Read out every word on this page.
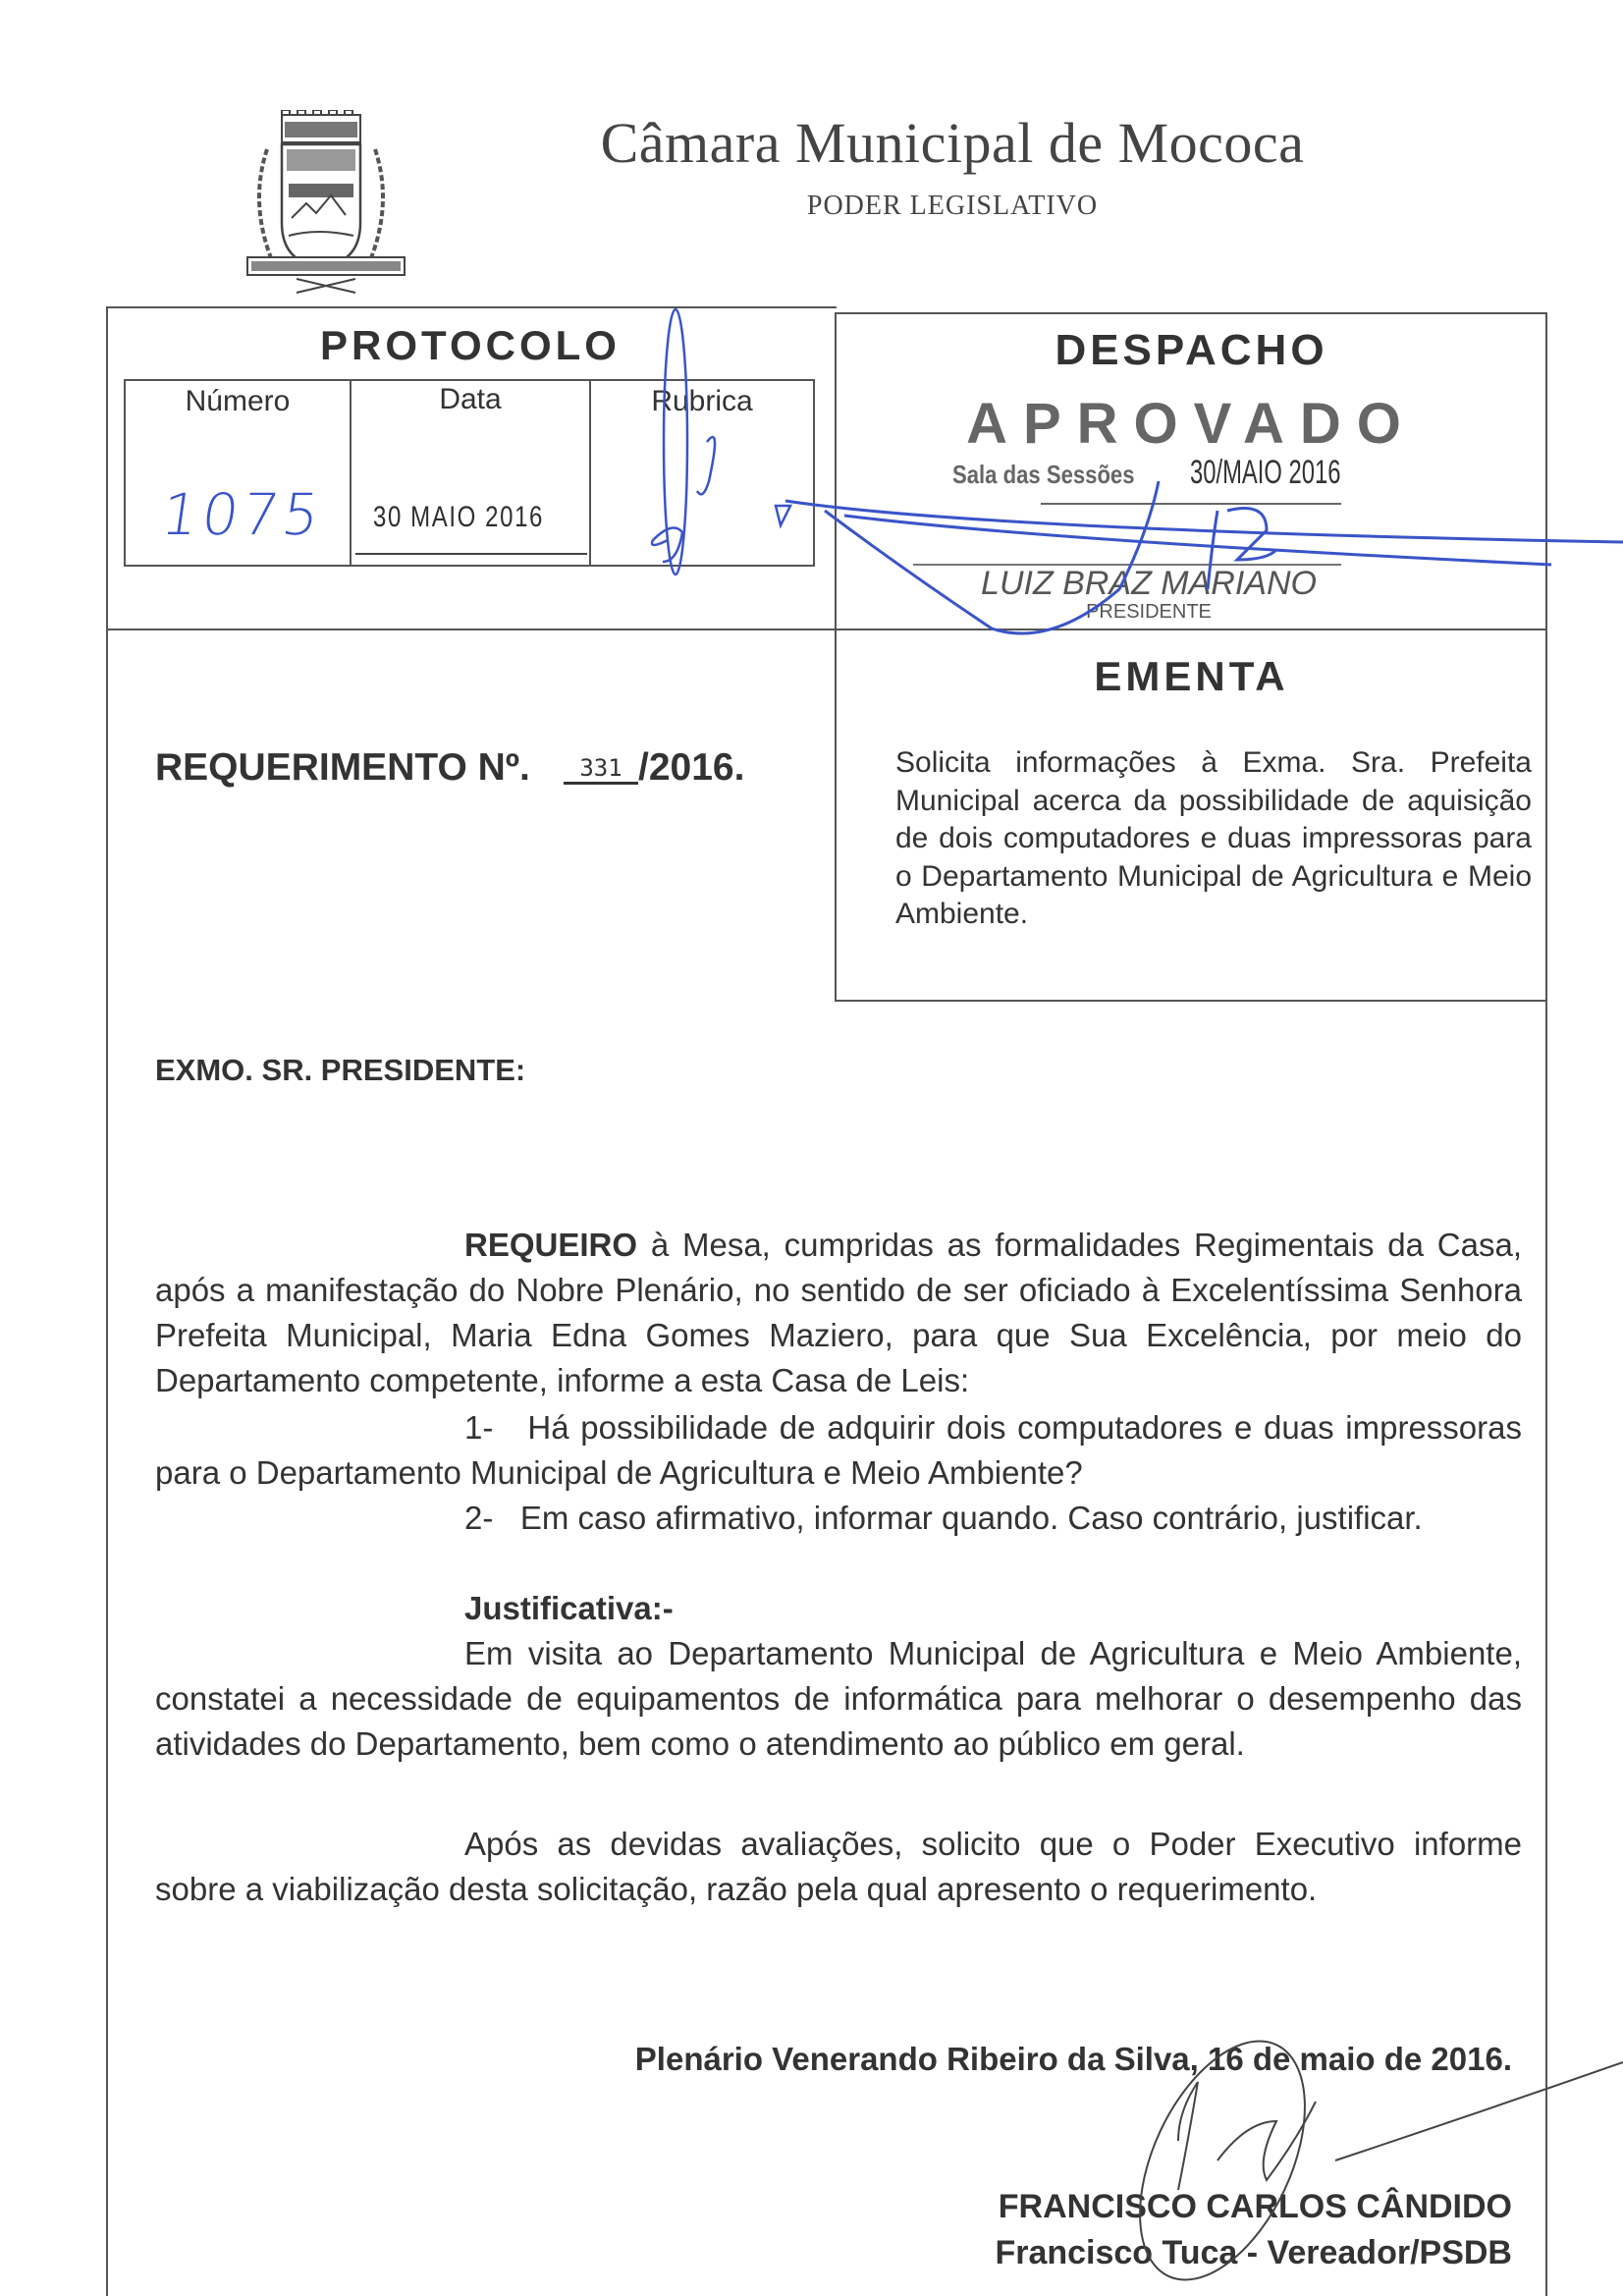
Câmara Municipal de Mococa
PODER LEGISLATIVO
PROTOCOLO
Número	Data	Rubrica
1075 30 MAIO 2016
DESPACHO
APROVADO
Sala das Sessões 30/MAIO 2016
LUIZ BRAZ MARIANO
PRESIDENTE
EMENTA
Solicita informações à Exma. Sra. Prefeita Municipal acerca da possibilidade de aquisição de dois computadores e duas impressoras para o Departamento Municipal de Agricultura e Meio Ambiente.
REQUERIMENTO Nº.	331 /2016.
EXMO. SR. PRESIDENTE:
REQUEIRO à Mesa, cumpridas as formalidades Regimentais da Casa, após a manifestação do Nobre Plenário, no sentido de ser oficiado à Excelentíssima Senhora Prefeita Municipal, Maria Edna Gomes Maziero, para que Sua Excelência, por meio do Departamento competente, informe a esta Casa de Leis:
1-   Há possibilidade de adquirir dois computadores e duas impressoras para o Departamento Municipal de Agricultura e Meio Ambiente?
2-   Em caso afirmativo, informar quando. Caso contrário, justificar.
Justificativa:-
Em visita ao Departamento Municipal de Agricultura e Meio Ambiente, constatei a necessidade de equipamentos de informática para melhorar o desempenho das atividades do Departamento, bem como o atendimento ao público em geral.
Após as devidas avaliações, solicito que o Poder Executivo informe sobre a viabilização desta solicitação, razão pela qual apresento o requerimento.
Plenário Venerando Ribeiro da Silva, 16 de maio de 2016.
FRANCISCO CARLOS CÂNDIDO
Francisco Tuca - Vereador/PSDB
